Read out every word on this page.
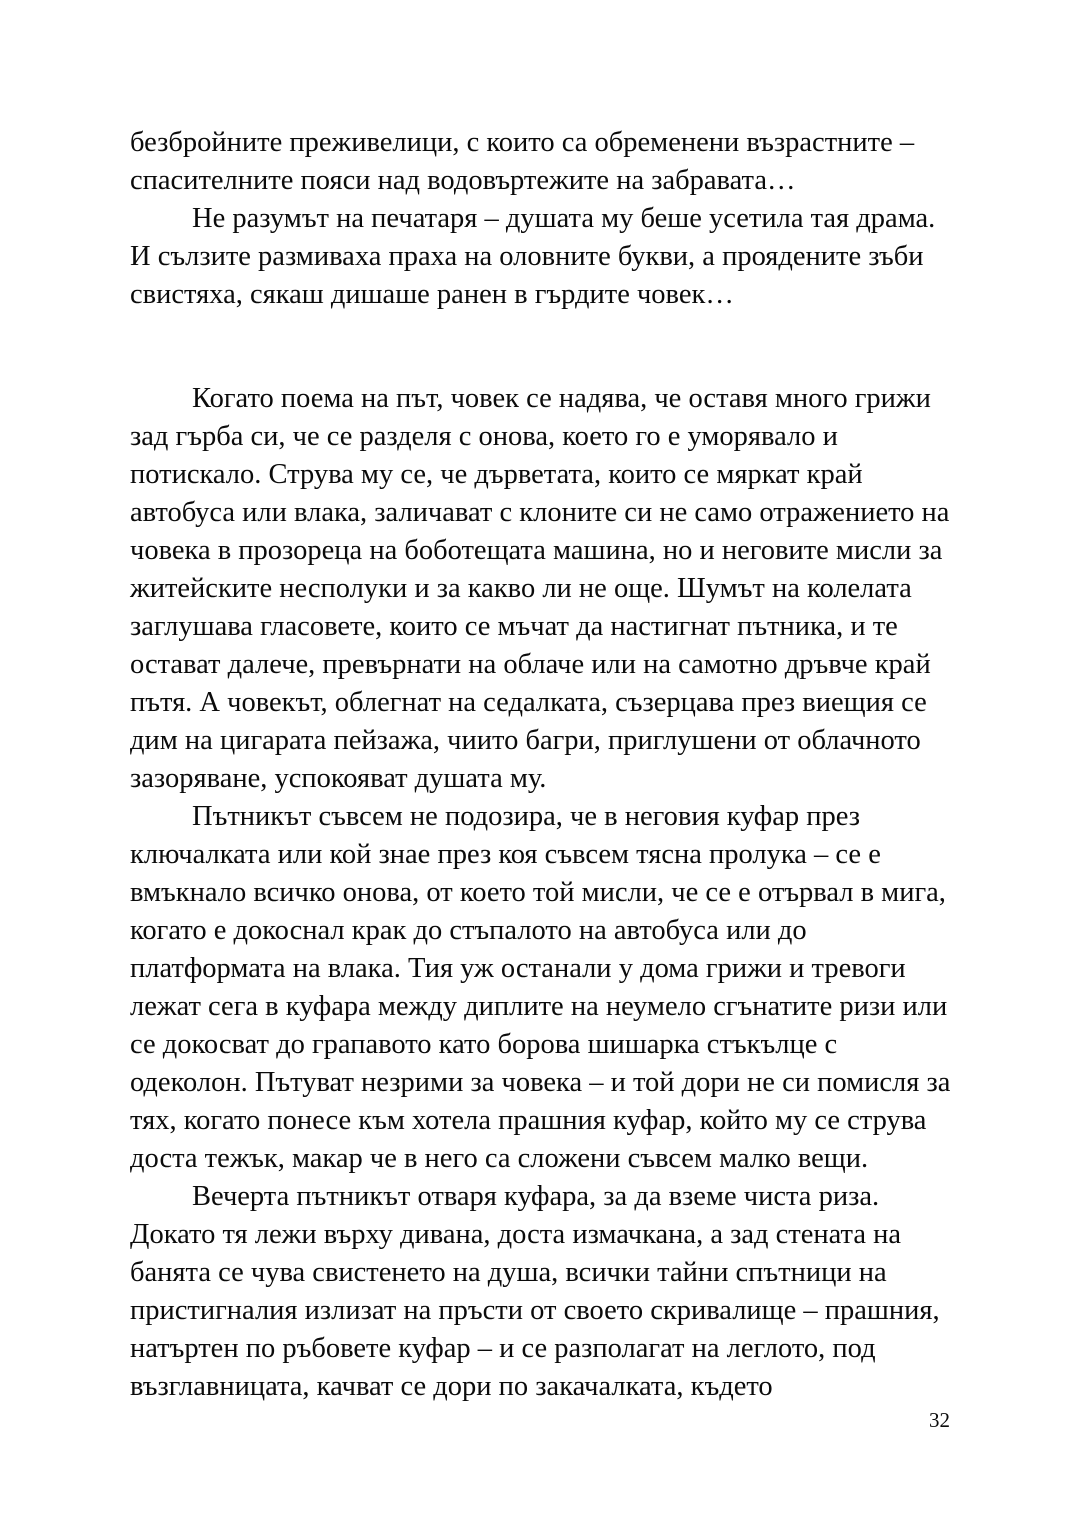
безбройните преживелици, с които са обременени възрастните – спасителните пояси над водовъртежите на забравата…

Не разумът на печатаря – душата му беше усетила тая драма. И сълзите размиваха праха на оловните букви, а проядените зъби свистяха, сякаш дишаше ранен в гърдите човек…

Когато поема на път, човек се надява, че оставя много грижи зад гърба си, че се разделя с онова, което го е уморявало и потискало. Струва му се, че дърветата, които се мяркат край автобуса или влака, заличават с клоните си не само отражението на човека в прозореца на боботещата машина, но и неговите мисли за житейските несполуки и за какво ли не още. Шумът на колелата заглушава гласовете, които се мъчат да настигнат пътника, и те остават далече, превърнати на облаче или на самотно дръвче край пътя. А човекът, облегнат на седалката, съзерцава през виещия се дим на цигарата пейзажа, чиито багри, приглушени от облачното зазоряване, успокояват душата му.

Пътникът съвсем не подозира, че в неговия куфар през ключалката или кой знае през коя съвсем тясна пролука – се е вмъкнало всичко онова, от което той мисли, че се е отървал в мига, когато е докоснал крак до стъпалото на автобуса или до платформата на влака. Тия уж останали у дома грижи и тревоги лежат сега в куфара между диплите на неумело сгънатите ризи или се докосват до грапавото като борова шишарка стъкълце с одеколон. Пътуват незрими за човека – и той дори не си помисля за тях, когато понесе към хотела прашния куфар, който му се струва доста тежък, макар че в него са сложени съвсем малко вещи.

Вечерта пътникът отваря куфара, за да вземе чиста риза. Докато тя лежи върху дивана, доста измачкана, а зад стената на банята се чува свистенето на душа, всички тайни спътници на пристигналия излизат на пръсти от своето скривалище – прашния, натъртен по ръбовете куфар – и се разполагат на леглото, под възглавницата, качват се дори по закачалката, където

32
